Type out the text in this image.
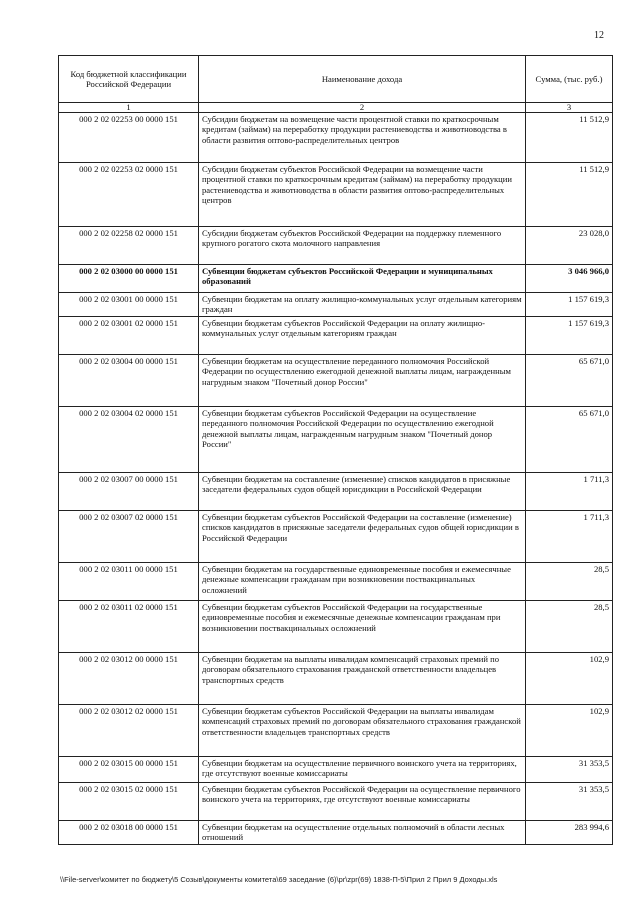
12
Код бюджетной классификации Российской Федерации	Наименование дохода	Сумма, (тыс. руб.)
1	2	3
000 2 02 02253 00 0000 151	Субсидии бюджетам на возмещение части процентной ставки по краткосрочным кредитам (займам) на переработку продукции растениеводства и животноводства в области развития оптово-распределительных центров	11 512,9
000 2 02 02253 02 0000 151	Субсидии бюджетам субъектов Российской Федерации на возмещение части процентной ставки по краткосрочным кредитам (займам) на переработку продукции растениеводства и животноводства в области развития оптово-распределительных центров	11 512,9
000 2 02 02258 02 0000 151	Субсидии бюджетам субъектов Российской Федерации на поддержку племенного крупного рогатого скота молочного направления	23 028,0
000 2 02 03000 00 0000 151	Субвенции бюджетам субъектов Российской Федерации и муниципальных образований	3 046 966,0
000 2 02 03001 00 0000 151	Субвенции бюджетам на оплату жилищно-коммунальных услуг отдельным категориям граждан	1 157 619,3
000 2 02 03001 02 0000 151	Субвенции бюджетам субъектов Российской Федерации на оплату жилищно-коммунальных услуг отдельным категориям граждан	1 157 619,3
000 2 02 03004 00 0000 151	Субвенции бюджетам на осуществление переданного полномочия Российской Федерации по осуществлению ежегодной денежной выплаты лицам, награжденным нагрудным знаком "Почетный донор России"	65 671,0
000 2 02 03004 02 0000 151	Субвенции бюджетам субъектов Российской Федерации на осуществление переданного полномочия Российской Федерации по осуществлению ежегодной денежной выплаты лицам, награжденным нагрудным знаком "Почетный донор России"	65 671,0
000 2 02 03007 00 0000 151	Субвенции бюджетам на составление (изменение) списков кандидатов в присяжные заседатели федеральных судов общей юрисдикции в Российской Федерации	1 711,3
000 2 02 03007 02 0000 151	Субвенции бюджетам субъектов Российской Федерации на составление (изменение) списков кандидатов в присяжные заседатели федеральных судов общей юрисдикции в Российской Федерации	1 711,3
000 2 02 03011 00 0000 151	Субвенции бюджетам на государственные единовременные пособия и ежемесячные денежные компенсации гражданам при возникновении поствакцинальных осложнений	28,5
000 2 02 03011 02 0000 151	Субвенции бюджетам субъектов Российской Федерации на государственные единовременные пособия и ежемесячные денежные компенсации гражданам при возникновении поствакцинальных осложнений	28,5
000 2 02 03012 00 0000 151	Субвенции бюджетам на выплаты инвалидам компенсаций страховых премий по договорам обязательного страхования гражданской ответственности владельцев транспортных средств	102,9
000 2 02 03012 02 0000 151	Субвенции бюджетам субъектов Российской Федерации на выплаты инвалидам компенсаций страховых премий по договорам обязательного страхования гражданской ответственности владельцев транспортных средств	102,9
000 2 02 03015 00 0000 151	Субвенции бюджетам на осуществление первичного воинского учета на территориях, где отсутствуют военные комиссариаты	31 353,5
000 2 02 03015 02 0000 151	Субвенции бюджетам субъектов Российской Федерации на осуществление первичного воинского учета на территориях, где отсутствуют военные комиссариаты	31 353,5
000 2 02 03018 00 0000 151	Субвенции бюджетам на осуществление отдельных полномочий в области лесных отношений	283 994,6
\\File-server\комитет по бюджету\5 Созыв\документы комитета\69 заседание (6)\pr\zpr(69) 1838-П-5\Прил 2 Прил 9 Доходы.xls
